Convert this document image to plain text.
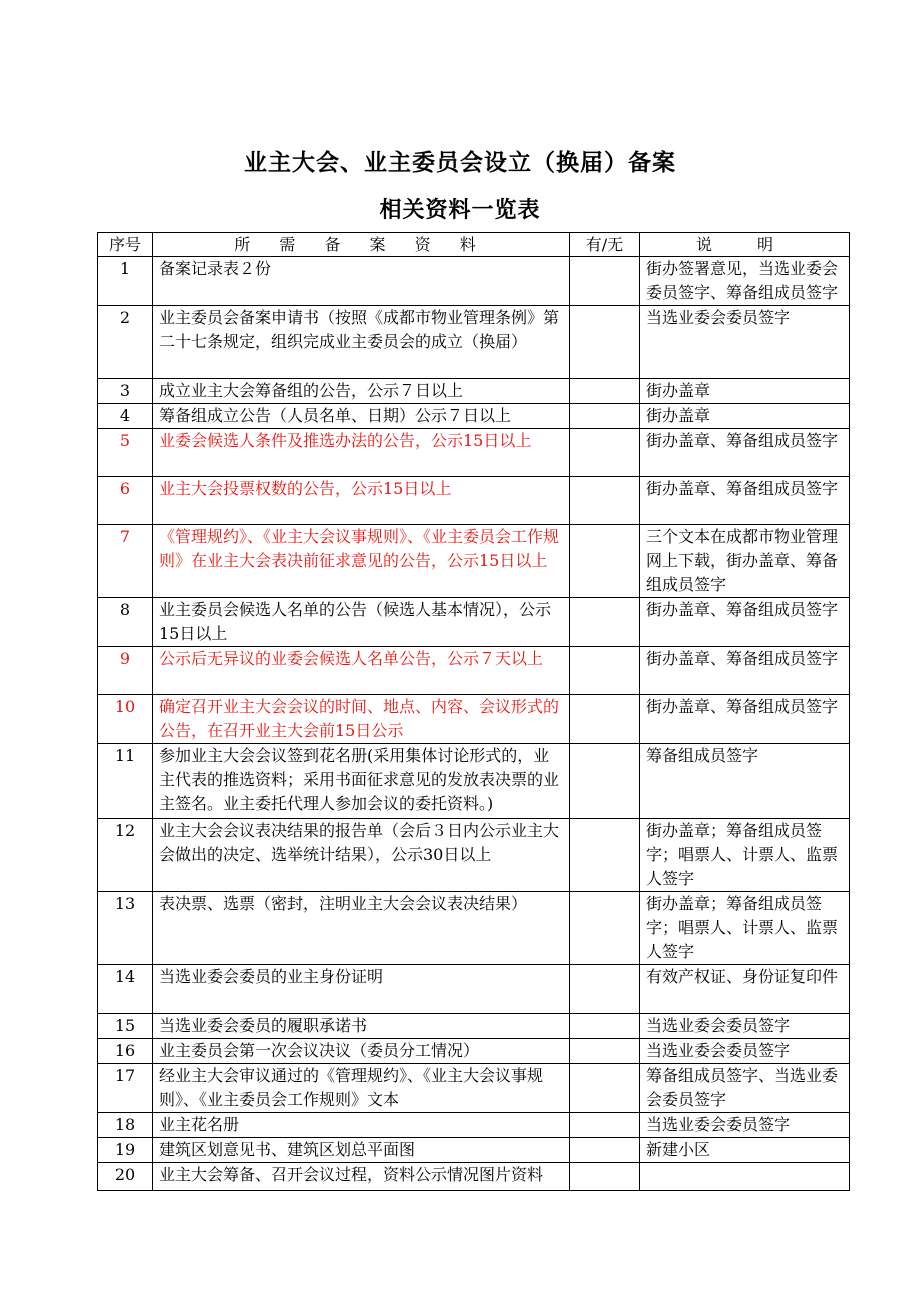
业主大会、业主委员会设立（换届）备案
相关资料一览表
序号	所 需 备 案 资 料	有/无	说 明
1	备案记录表２份		街办签署意见，当选业委会委员签字、筹备组成员签字
2	业主委员会备案申请书（按照《成都市物业管理条例》第二十七条规定，组织完成业主委员会的成立（换届）		当选业委会委员签字
3	成立业主大会筹备组的公告，公示７日以上		街办盖章
4	筹备组成立公告（人员名单、日期）公示７日以上		街办盖章
5	业委会候选人条件及推选办法的公告，公示15日以上		街办盖章、筹备组成员签字
6	业主大会投票权数的公告，公示15日以上		街办盖章、筹备组成员签字
7	《管理规约》、《业主大会议事规则》、《业主委员会工作规则》在业主大会表决前征求意见的公告，公示15日以上		三个文本在成都市物业管理网上下载，街办盖章、筹备组成员签字
8	业主委员会候选人名单的公告（候选人基本情况），公示15日以上		街办盖章、筹备组成员签字
9	公示后无异议的业委会候选人名单公告，公示７天以上		街办盖章、筹备组成员签字
10	确定召开业主大会会议的时间、地点、内容、会议形式的公告，在召开业主大会前15日公示		街办盖章、筹备组成员签字
11	参加业主大会会议签到花名册(采用集体讨论形式的，业主代表的推选资料；采用书面征求意见的发放表决票的业主签名。业主委托代理人参加会议的委托资料。)		筹备组成员签字
12	业主大会会议表决结果的报告单（会后３日内公示业主大会做出的决定、选举统计结果），公示30日以上		街办盖章；筹备组成员签字；唱票人、计票人、监票人签字
13	表决票、选票（密封，注明业主大会会议表决结果）		街办盖章；筹备组成员签字；唱票人、计票人、监票人签字
14	当选业委会委员的业主身份证明		有效产权证、身份证复印件
15	当选业委会委员的履职承诺书		当选业委会委员签字
16	业主委员会第一次会议决议（委员分工情况）		当选业委会委员签字
17	经业主大会审议通过的《管理规约》、《业主大会议事规则》、《业主委员会工作规则》文本		筹备组成员签字、当选业委会委员签字
18	业主花名册		当选业委会委员签字
19	建筑区划意见书、建筑区划总平面图		新建小区
20	业主大会筹备、召开会议过程，资料公示情况图片资料		
